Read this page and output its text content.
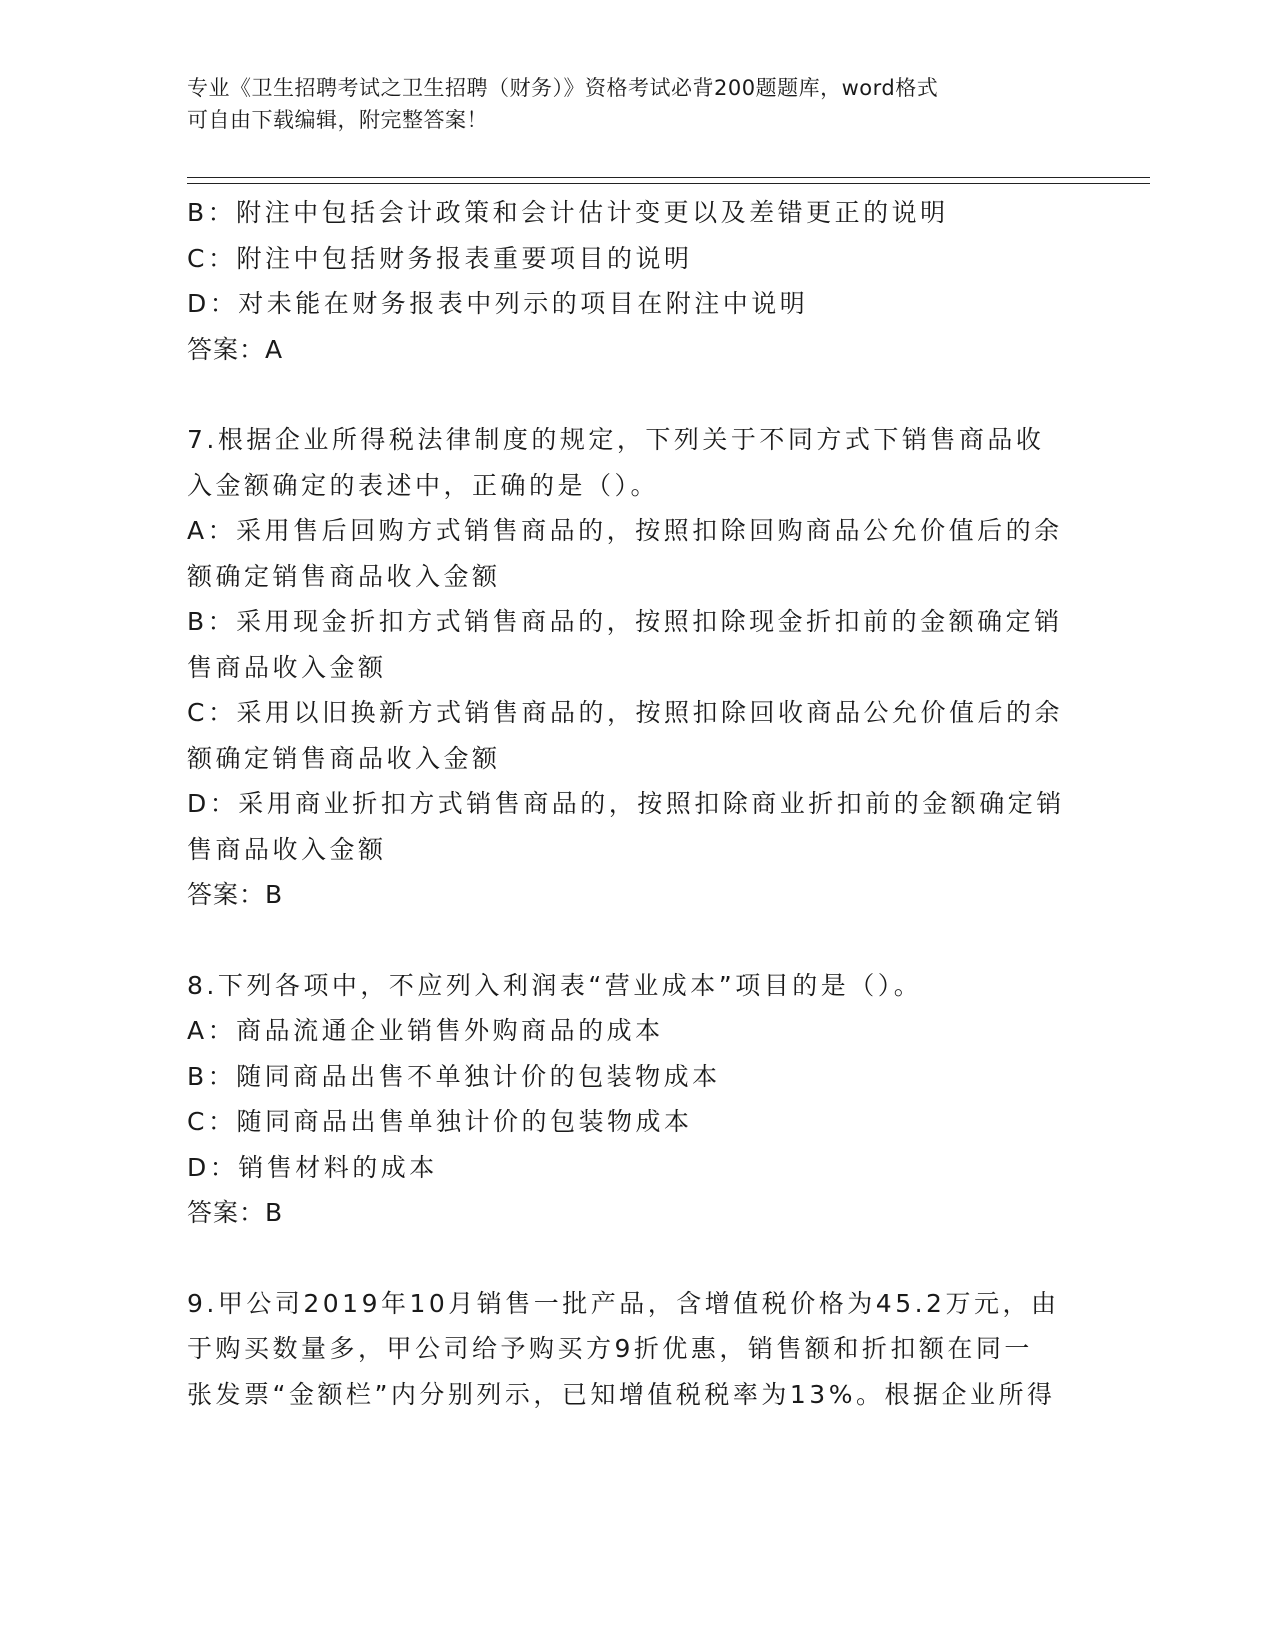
专业《卫生招聘考试之卫生招聘（财务）》资格考试必背200题题库，word格式
可自由下载编辑，附完整答案！
B：附注中包括会计政策和会计估计变更以及差错更正的说明
C：附注中包括财务报表重要项目的说明
D：对未能在财务报表中列示的项目在附注中说明
答案：A
7.根据企业所得税法律制度的规定，下列关于不同方式下销售商品收
入金额确定的表述中，正确的是（）。
A：采用售后回购方式销售商品的，按照扣除回购商品公允价值后的余
额确定销售商品收入金额
B：采用现金折扣方式销售商品的，按照扣除现金折扣前的金额确定销
售商品收入金额
C：采用以旧换新方式销售商品的，按照扣除回收商品公允价值后的余
额确定销售商品收入金额
D：采用商业折扣方式销售商品的，按照扣除商业折扣前的金额确定销
售商品收入金额
答案：B
8.下列各项中，不应列入利润表“营业成本”项目的是（）。
A：商品流通企业销售外购商品的成本
B：随同商品出售不单独计价的包装物成本
C：随同商品出售单独计价的包装物成本
D：销售材料的成本
答案：B
9.甲公司2019年10月销售一批产品，含增值税价格为45.2万元，由
于购买数量多，甲公司给予购买方9折优惠，销售额和折扣额在同一
张发票“金额栏”内分别列示，已知增值税税率为13%。根据企业所得
